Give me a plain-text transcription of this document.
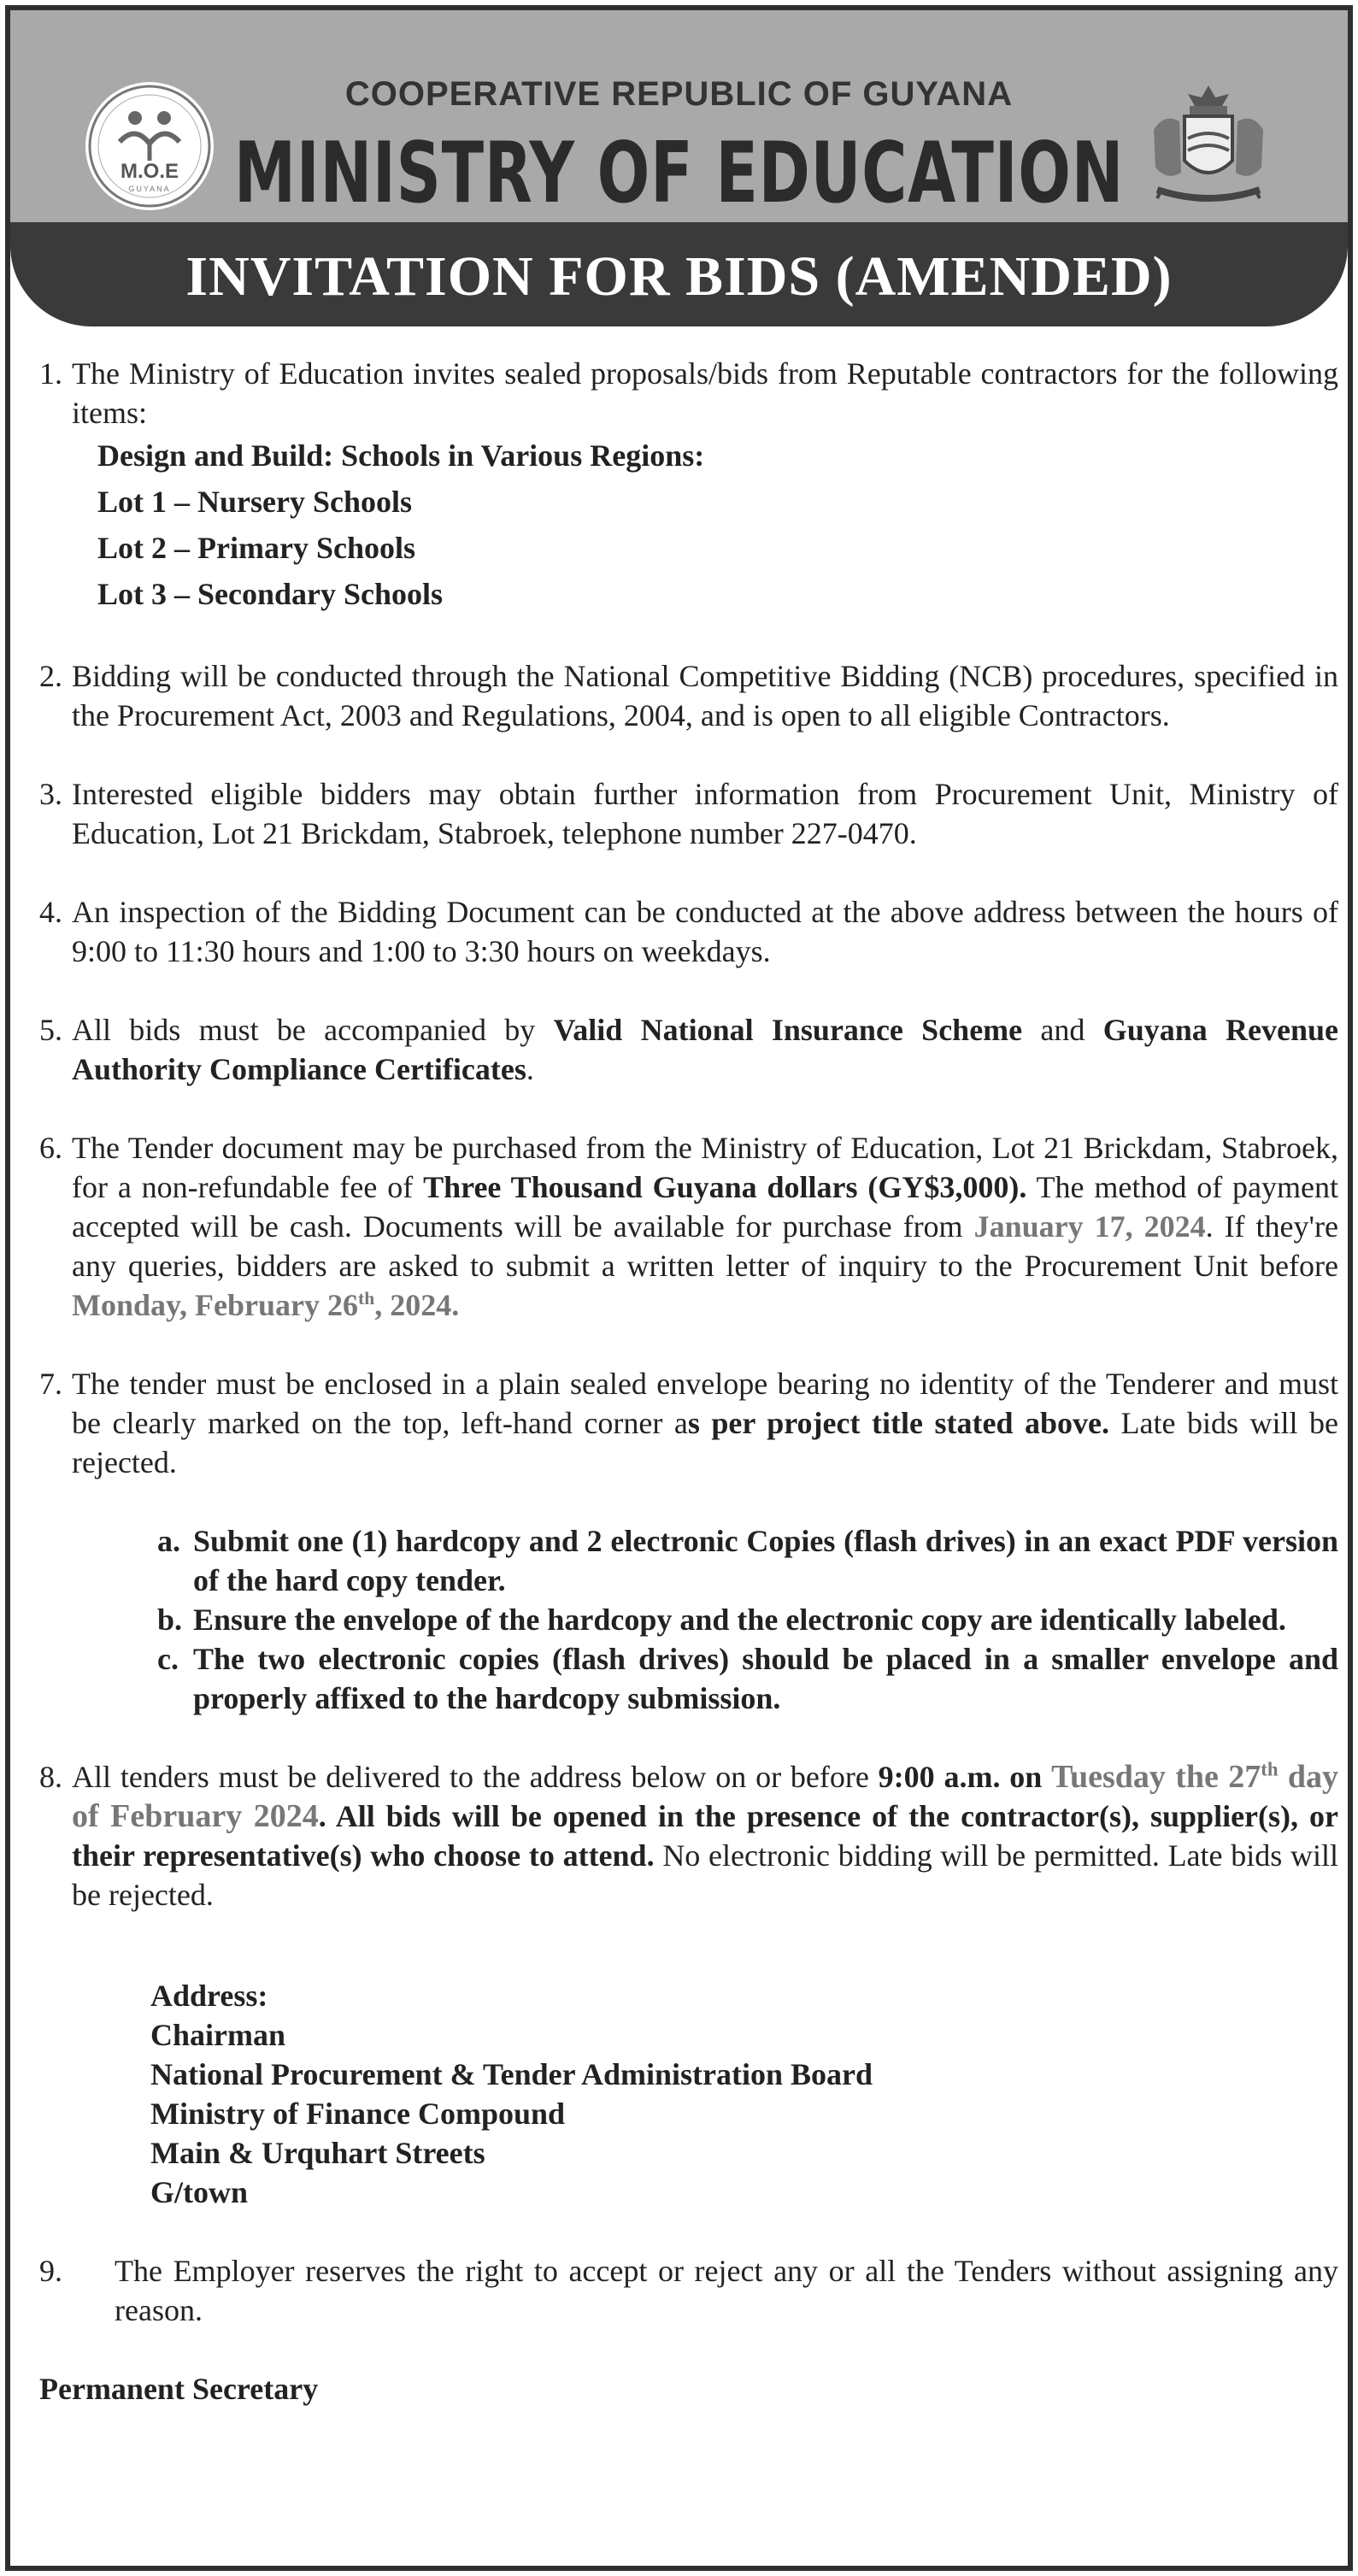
M.O.E
GUYANA
COOPERATIVE REPUBLIC OF GUYANA
MINISTRY OF EDUCATION
INVITATION FOR BIDS (AMENDED)
1. The Ministry of Education invites sealed proposals/bids from Reputable contractors for the following items:
Design and Build: Schools in Various Regions:
Lot 1 – Nursery Schools
Lot 2 – Primary Schools
Lot 3 – Secondary Schools
2. Bidding will be conducted through the National Competitive Bidding (NCB) procedures, specified in the Procurement Act, 2003 and Regulations, 2004, and is open to all eligible Contractors.
3. Interested eligible bidders may obtain further information from Procurement Unit, Ministry of Education, Lot 21 Brickdam, Stabroek, telephone number 227-0470.
4. An inspection of the Bidding Document can be conducted at the above address between the hours of 9:00 to 11:30 hours and 1:00 to 3:30 hours on weekdays.
5. All bids must be accompanied by Valid National Insurance Scheme and Guyana Revenue Authority Compliance Certificates.
6. The Tender document may be purchased from the Ministry of Education, Lot 21 Brickdam, Stabroek, for a non-refundable fee of Three Thousand Guyana dollars (GY$3,000). The method of payment accepted will be cash. Documents will be available for purchase from January 17, 2024. If they're any queries, bidders are asked to submit a written letter of inquiry to the Procurement Unit before Monday, February 26th, 2024.
7. The tender must be enclosed in a plain sealed envelope bearing no identity of the Tenderer and must be clearly marked on the top, left-hand corner as per project title stated above. Late bids will be rejected.
a. Submit one (1) hardcopy and 2 electronic Copies (flash drives) in an exact PDF version of the hard copy tender.
b. Ensure the envelope of the hardcopy and the electronic copy are identically labeled.
c. The two electronic copies (flash drives) should be placed in a smaller envelope and properly affixed to the hardcopy submission.
8. All tenders must be delivered to the address below on or before 9:00 a.m. on Tuesday the 27th day of February 2024. All bids will be opened in the presence of the contractor(s), supplier(s), or their representative(s) who choose to attend. No electronic bidding will be permitted. Late bids will be rejected.
Address:
Chairman
National Procurement & Tender Administration Board
Ministry of Finance Compound
Main & Urquhart Streets
G/town
9.	The Employer reserves the right to accept or reject any or all the Tenders without assigning any reason.
Permanent Secretary
